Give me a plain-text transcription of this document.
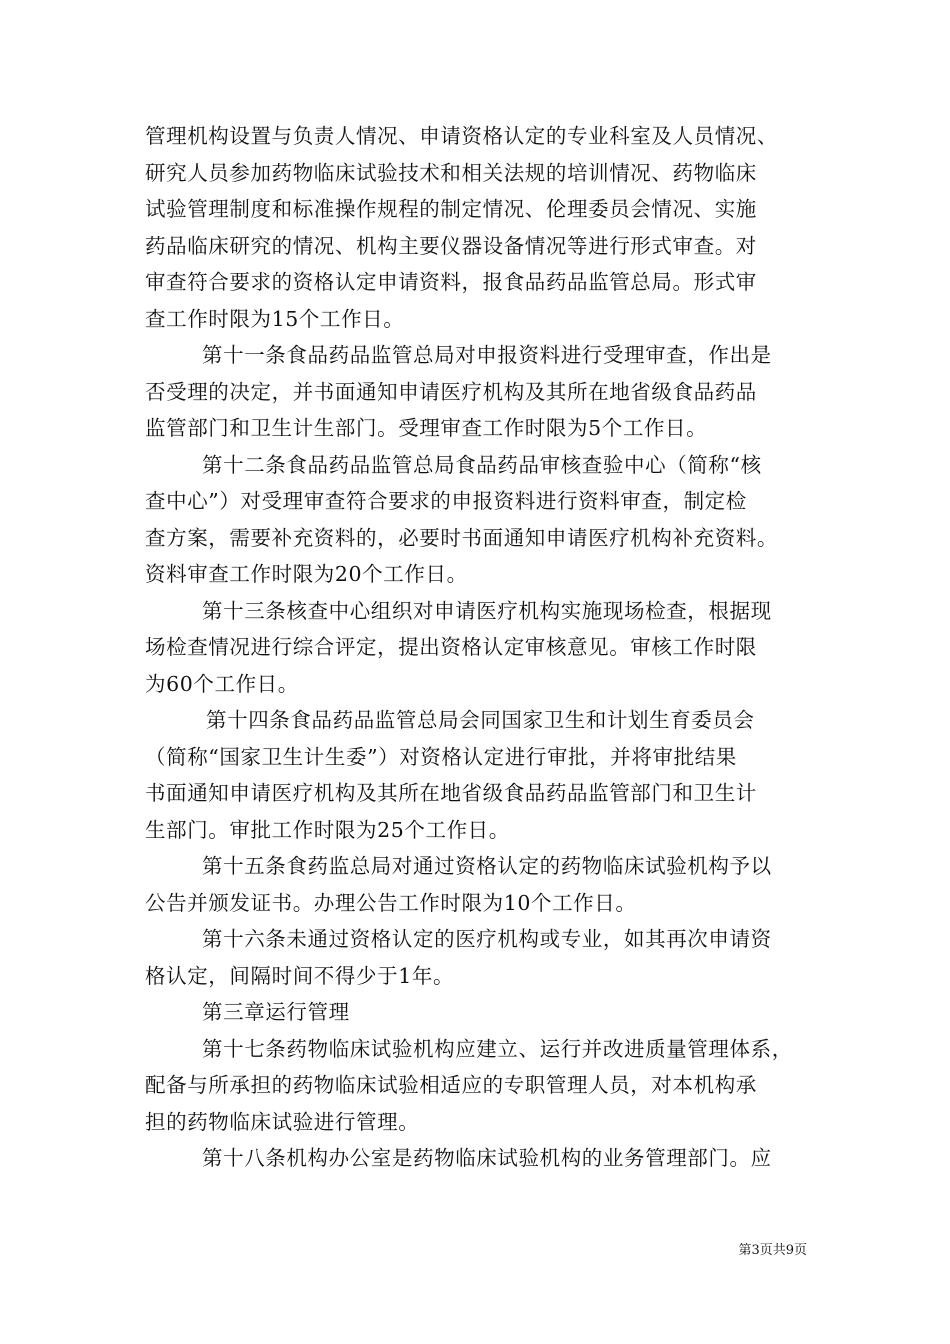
管理机构设置与负责人情况、申请资格认定的专业科室及人员情况、
研究人员参加药物临床试验技术和相关法规的培训情况、药物临床
试验管理制度和标准操作规程的制定情况、伦理委员会情况、实施
药品临床研究的情况、机构主要仪器设备情况等进行形式审查。对
审查符合要求的资格认定申请资料，报食品药品监管总局。形式审
查工作时限为15个工作日。
第十一条食品药品监管总局对申报资料进行受理审查，作出是
否受理的决定，并书面通知申请医疗机构及其所在地省级食品药品
监管部门和卫生计生部门。受理审查工作时限为5个工作日。
第十二条食品药品监管总局食品药品审核查验中心（简称“核
查中心”）对受理审查符合要求的申报资料进行资料审查，制定检
查方案，需要补充资料的，必要时书面通知申请医疗机构补充资料。
资料审查工作时限为20个工作日。
第十三条核查中心组织对申请医疗机构实施现场检查，根据现
场检查情况进行综合评定，提出资格认定审核意见。审核工作时限
为60个工作日。
第十四条食品药品监管总局会同国家卫生和计划生育委员会
（简称“国家卫生计生委”）对资格认定进行审批，并将审批结果
书面通知申请医疗机构及其所在地省级食品药品监管部门和卫生计
生部门。审批工作时限为25个工作日。
第十五条食药监总局对通过资格认定的药物临床试验机构予以
公告并颁发证书。办理公告工作时限为10个工作日。
第十六条未通过资格认定的医疗机构或专业，如其再次申请资
格认定，间隔时间不得少于1年。
第三章运行管理
第十七条药物临床试验机构应建立、运行并改进质量管理体系，
配备与所承担的药物临床试验相适应的专职管理人员，对本机构承
担的药物临床试验进行管理。
第十八条机构办公室是药物临床试验机构的业务管理部门。应
第3页共9页
